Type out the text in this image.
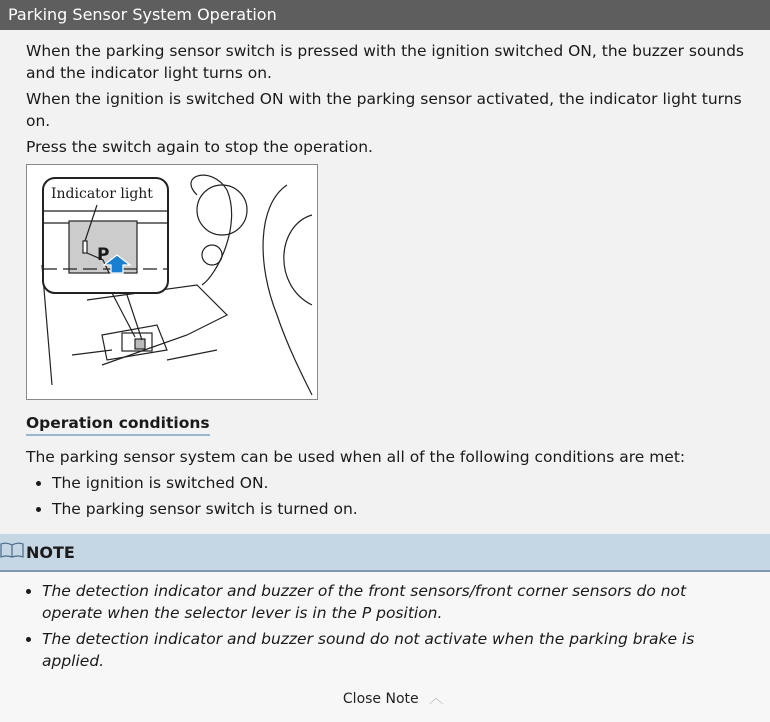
Parking Sensor System Operation

When the parking sensor switch is pressed with the ignition switched ON, the buzzer sounds and the indicator light turns on.

When the ignition is switched ON with the parking sensor activated, the indicator light turns on.

Press the switch again to stop the operation.

Indicator light
P
Operation conditions

The parking sensor system can be used when all of the following conditions are met:

• The ignition is switched ON.
• The parking sensor switch is turned on.
NOTE
• The detection indicator and buzzer of the front sensors/front corner sensors do not operate when the selector lever is in the P position.
• The detection indicator and buzzer sound do not activate when the parking brake is applied.
Close Note ︿
